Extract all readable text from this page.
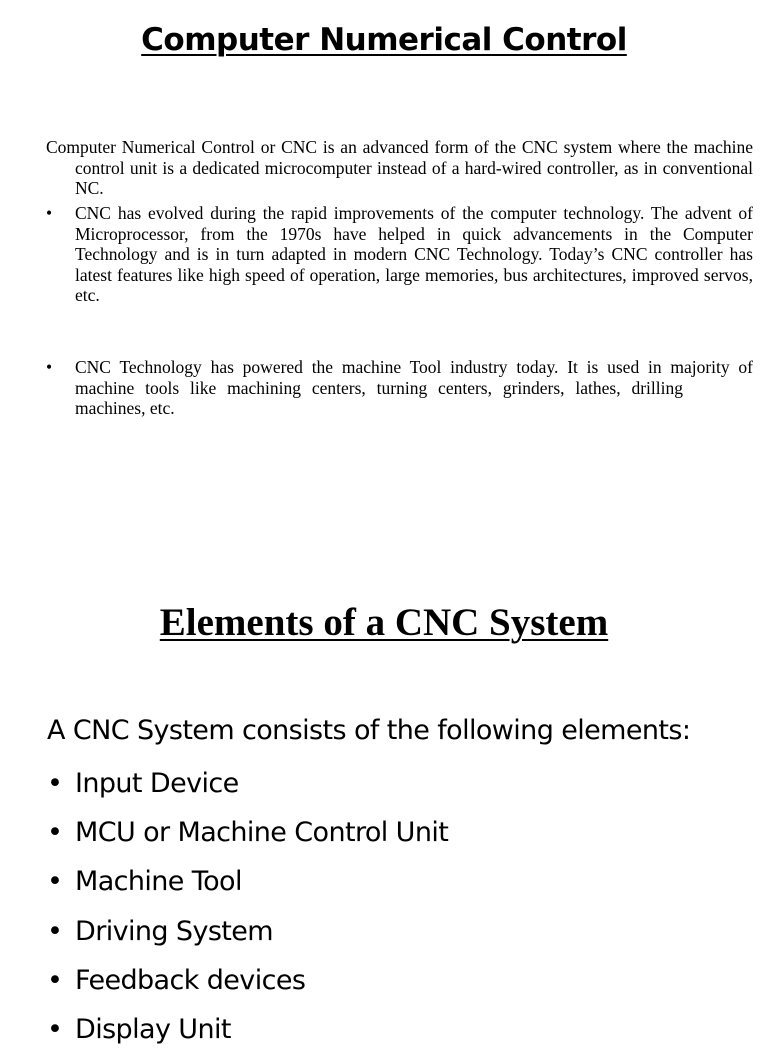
Computer Numerical Control

Computer Numerical Control or CNC is an advanced form of the CNC system where the machine control unit is a dedicated microcomputer instead of a hard-wired controller, as in conventional NC.

•	CNC has evolved during the rapid improvements of the computer technology. The advent of Microprocessor, from the 1970s have helped in quick advancements in the Computer Technology and is in turn adapted in modern CNC Technology. Today’s CNC controller has latest features like high speed of operation, large memories, bus architectures, improved servos, etc.

•	CNC Technology has powered the machine Tool industry today. It is used in majority of machine tools like machining centers, turning centers, grinders, lathes, drillingmachines, etc.

Elements of a CNC System

A CNC System consists of the following elements:

• Input Device
• MCU or Machine Control Unit
• Machine Tool
• Driving System
• Feedback devices
• Display Unit
